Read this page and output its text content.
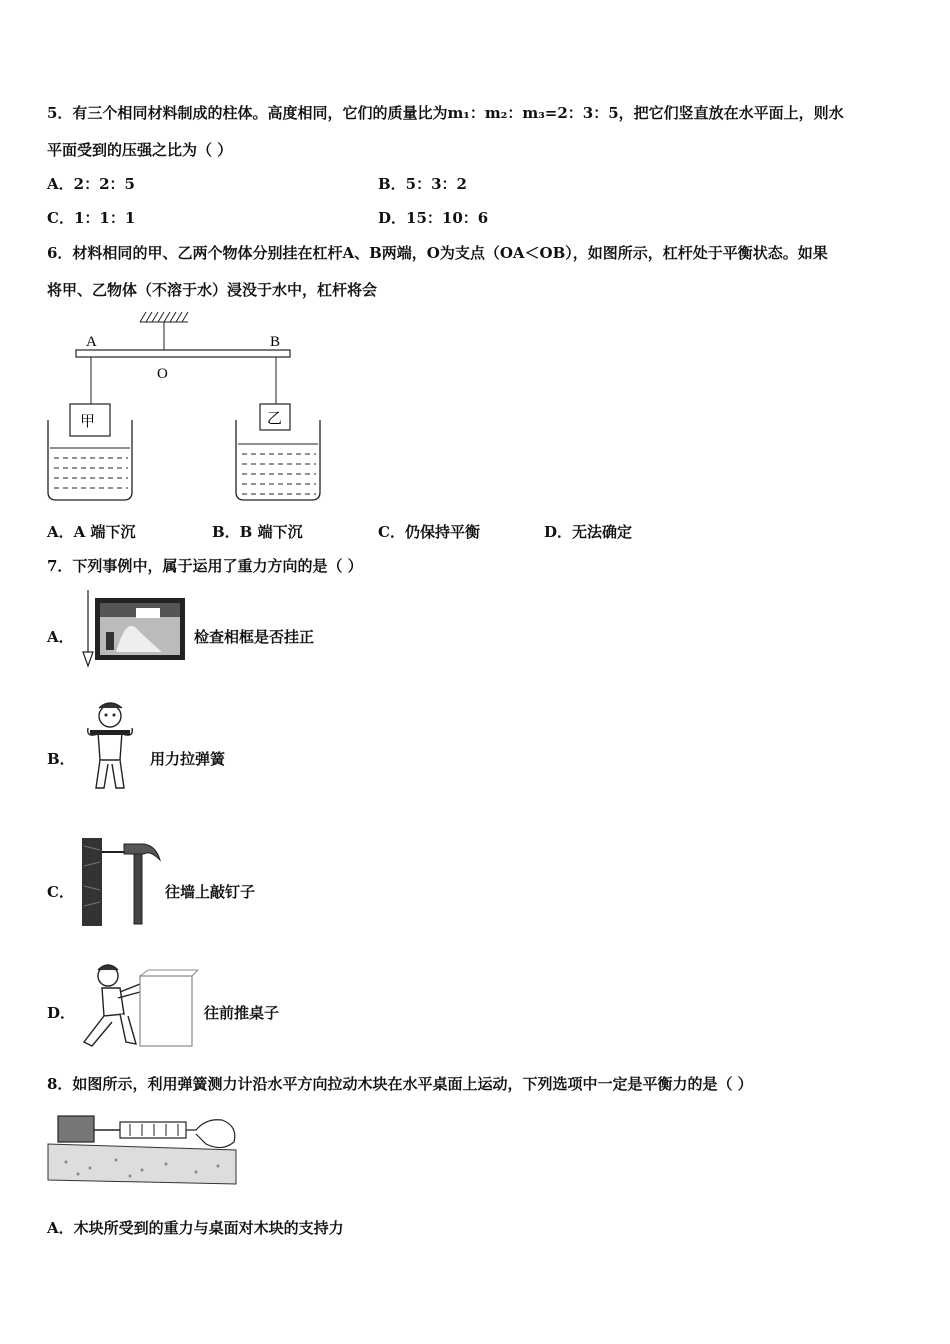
5．有三个相同材料制成的柱体。高度相同，它们的质量比为m₁：m₂：m₃=2：3：5，把它们竖直放在水平面上，则水
平面受到的压强之比为（ ）
A．2：2：5	B．5：3：2
C．1：1：1	D．15：10：6
6．材料相同的甲、乙两个物体分别挂在杠杆A、B两端，O为支点（OA＜OB），如图所示，杠杆处于平衡状态。如果
将甲、乙物体（不溶于水）浸没于水中，杠杆将会
A	B
O
甲	乙
A．A 端下沉	B．B 端下沉	C．仍保持平衡	D．无法确定
7．下列事例中，属于运用了重力方向的是（ ）
A．	检查相框是否挂正
B．	用力拉弹簧
C．	往墙上敲钉子
D．	往前推桌子
8．如图所示，利用弹簧测力计沿水平方向拉动木块在水平桌面上运动，下列选项中一定是平衡力的是（ ）
A．木块所受到的重力与桌面对木块的支持力
